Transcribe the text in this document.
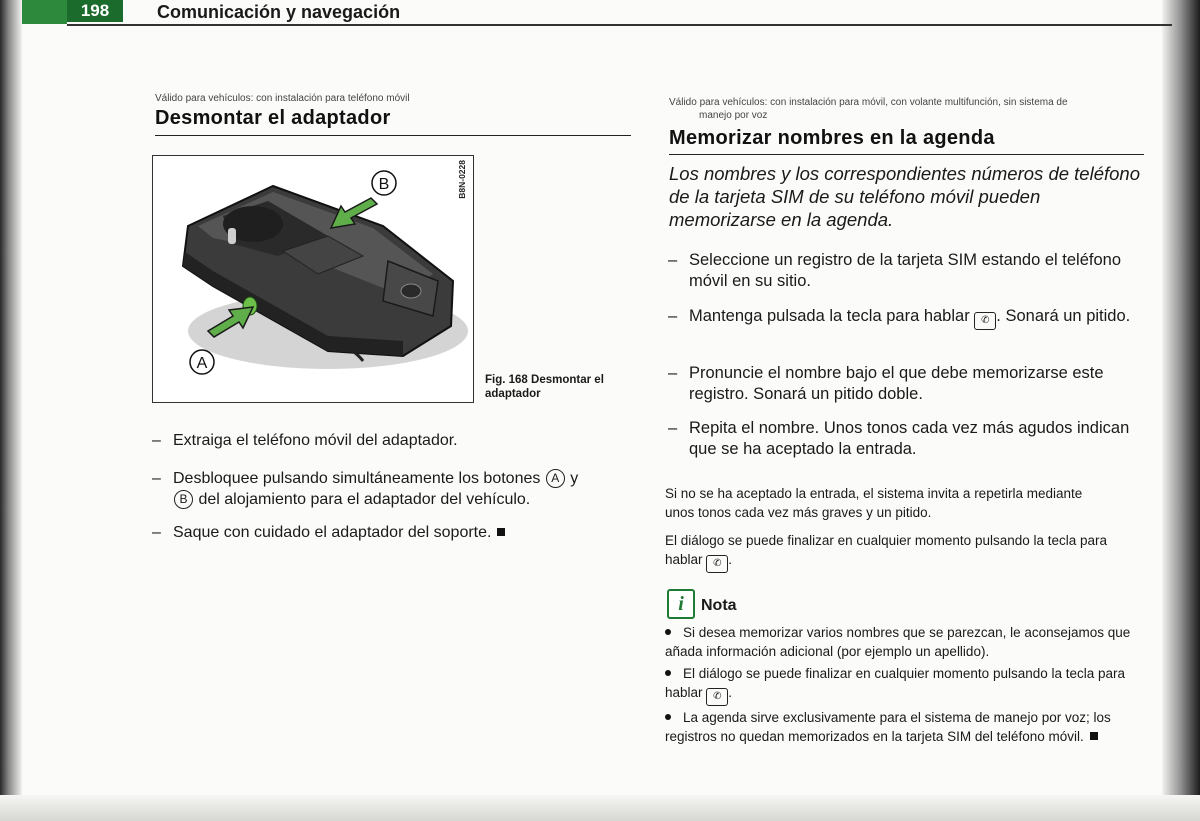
198	Comunicación y navegación
Válido para vehículos: con instalación para teléfono móvil
Desmontar el adaptador
B
A
B8N-0228
Fig. 168 Desmontar el adaptador
– Extraiga el teléfono móvil del adaptador.
– Desbloquee pulsando simultáneamente los botones A y
B del alojamiento para el adaptador del vehículo.
– Saque con cuidado el adaptador del soporte.
Válido para vehículos: con instalación para móvil, con volante multifunción, sin sistema de
manejo por voz
Memorizar nombres en la agenda
Los nombres y los correspondientes números de teléfono de la tarjeta SIM de su teléfono móvil pueden memorizarse en la agenda.
– Seleccione un registro de la tarjeta SIM estando el teléfono móvil en su sitio.
– Mantenga pulsada la tecla para hablar ✆ . Sonará un pitido.
– Pronuncie el nombre bajo el que debe memorizarse este registro. Sonará un pitido doble.
– Repita el nombre. Unos tonos cada vez más agudos indican que se ha aceptado la entrada.
Si no se ha aceptado la entrada, el sistema invita a repetirla mediante unos tonos cada vez más graves y un pitido.
El diálogo se puede finalizar en cualquier momento pulsando la tecla para hablar ✆ .
i	Nota
Si desea memorizar varios nombres que se parezcan, le aconsejamos que añada información adicional (por ejemplo un apellido).
El diálogo se puede finalizar en cualquier momento pulsando la tecla para hablar ✆ .
La agenda sirve exclusivamente para el sistema de manejo por voz; los registros no quedan memorizados en la tarjeta SIM del teléfono móvil.
